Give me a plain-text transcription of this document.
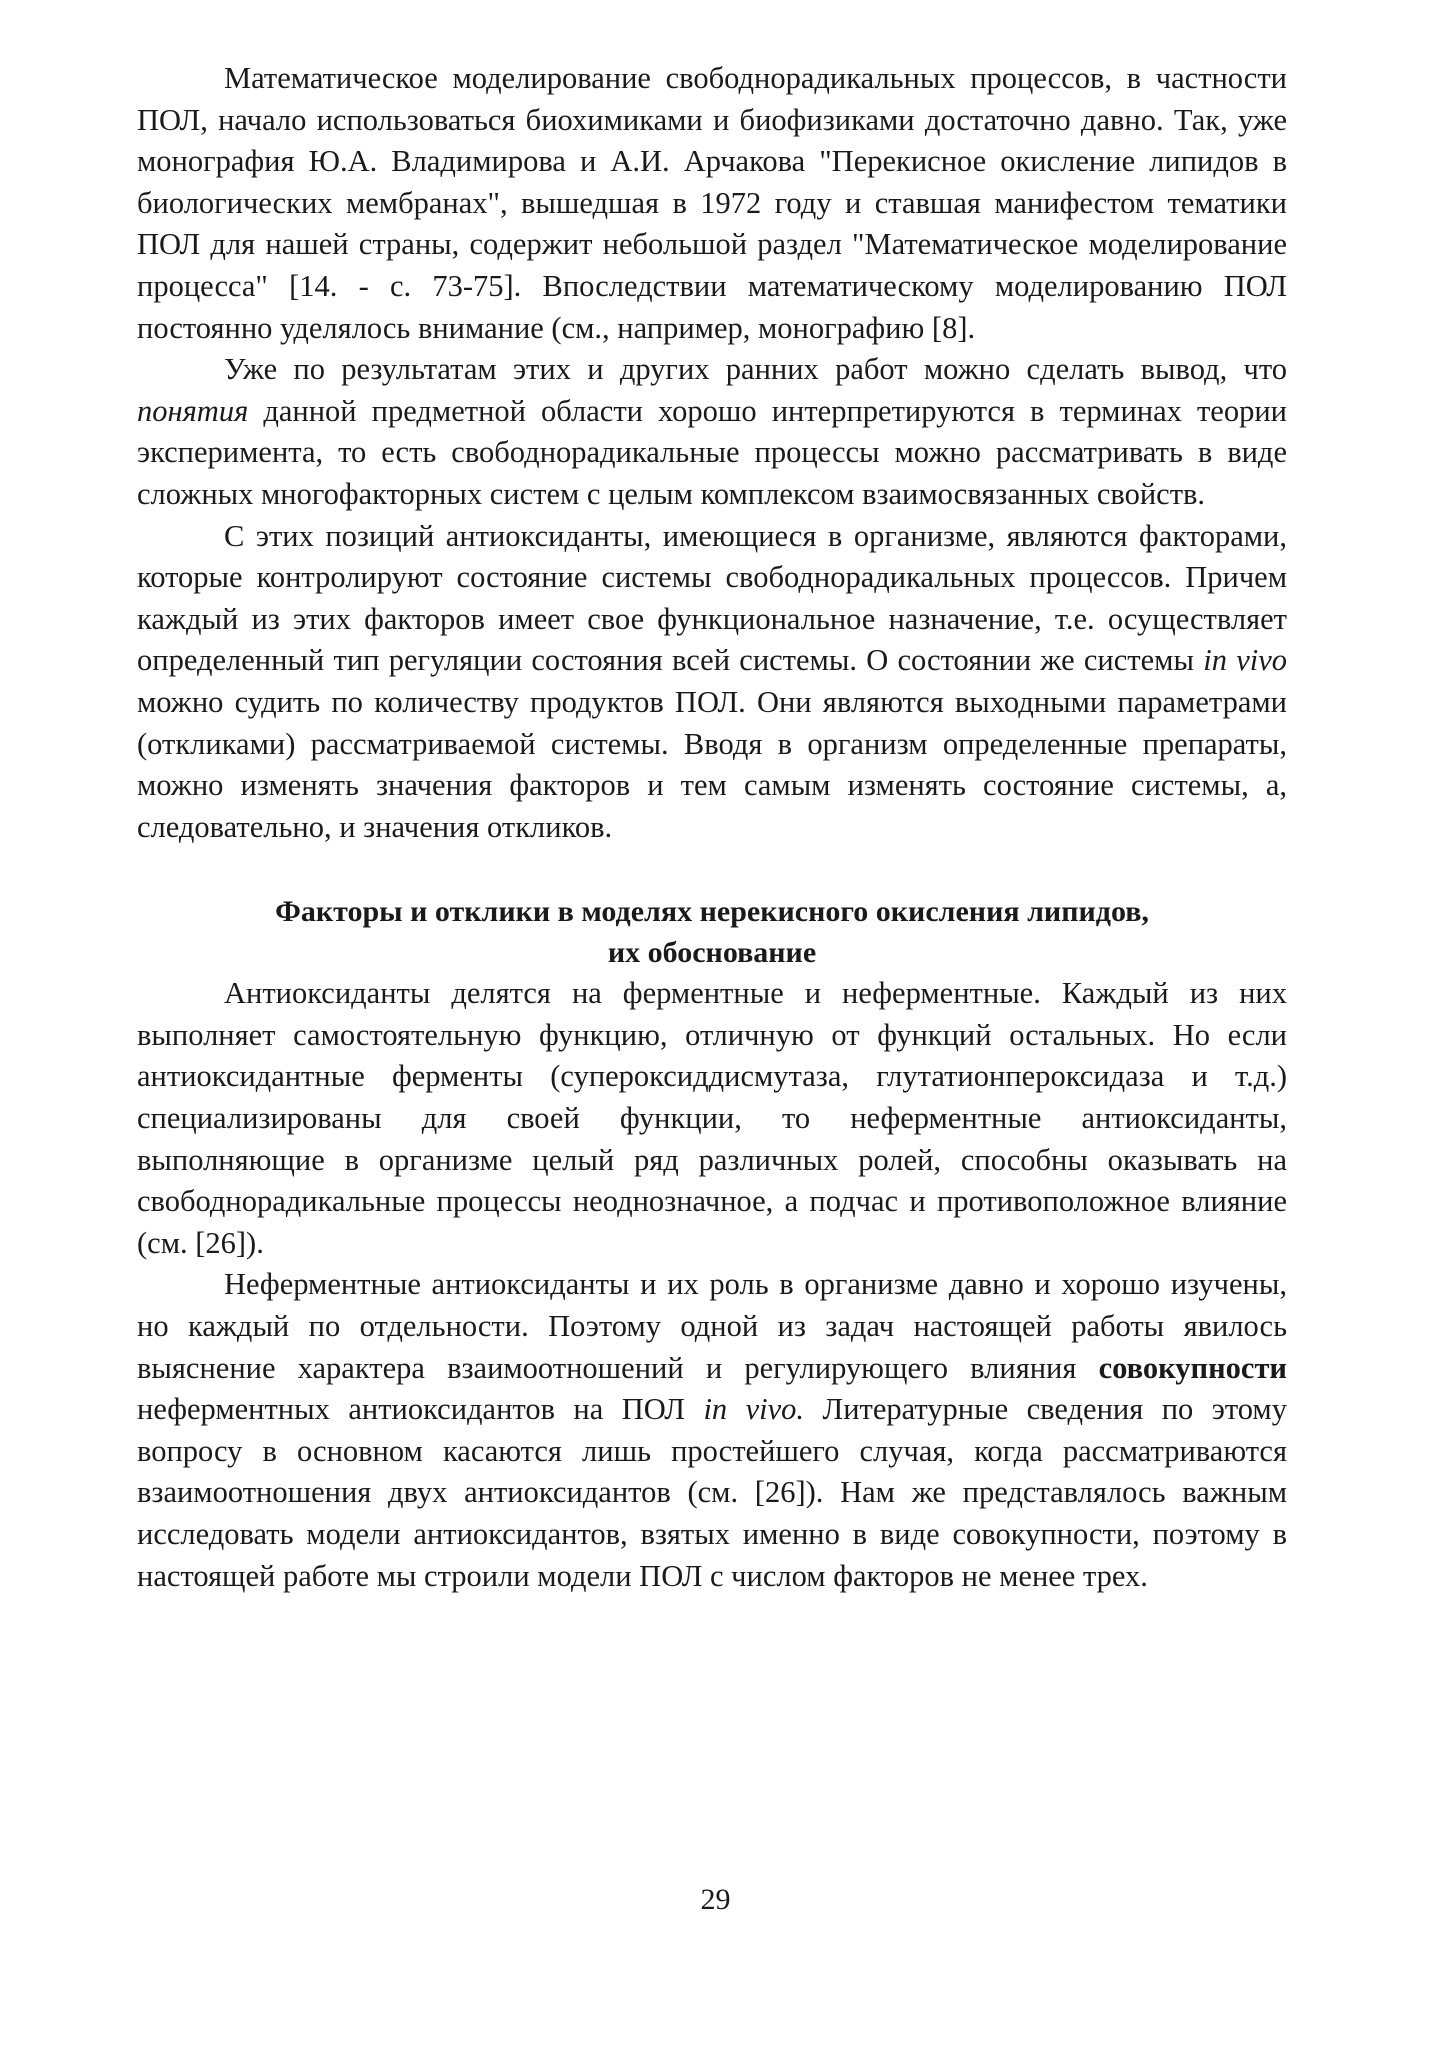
Математическое моделирование свободнорадикальных процессов, в частности ПОЛ, начало использоваться биохимиками и биофизиками достаточно давно. Так, уже монография Ю.А. Владимирова и А.И. Арчакова "Перекисное окисление липидов в биологических мембранах", вышедшая в 1972 году и ставшая манифестом тематики ПОЛ для нашей страны, содержит небольшой раздел "Математическое моделирование процесса" [14. - с. 73-75]. Впоследствии математическому моделированию ПОЛ постоянно уделялось внимание (см., например, монографию [8].

Уже по результатам этих и других ранних работ можно сделать вывод, что понятия данной предметной области хорошо интерпретируются в терминах теории эксперимента, то есть свободнорадикальные процессы можно рассматривать в виде сложных многофакторных систем с целым комплексом взаимосвязанных свойств.

С этих позиций антиоксиданты, имеющиеся в организме, являются факторами, которые контролируют состояние системы свободнорадикальных процессов. Причем каждый из этих факторов имеет свое функциональное назначение, т.е. осуществляет определенный тип регуляции состояния всей системы. О состоянии же системы in vivo можно судить по количеству продуктов ПОЛ. Они являются выходными параметрами (откликами) рассматриваемой системы. Вводя в организм определенные препараты, можно изменять значения факторов и тем самым изменять состояние системы, а, следовательно, и значения откликов.

Факторы и отклики в моделях нерекисного окисления липидов,
их обоснование

Антиоксиданты делятся на ферментные и неферментные. Каждый из них выполняет самостоятельную функцию, отличную от функций остальных. Но если антиоксидантные ферменты (супероксиддисмутаза, глутатионпероксидаза и т.д.) специализированы для своей функции, то неферментные антиоксиданты, выполняющие в организме целый ряд различных ролей, способны оказывать на свободнорадикальные процессы неоднозначное, а подчас и противоположное влияние (см. [26]).

Неферментные антиоксиданты и их роль в организме давно и хорошо изучены, но каждый по отдельности. Поэтому одной из задач настоящей работы явилось выяснение характера взаимоотношений и регулирующего влияния совокупности неферментных антиоксидантов на ПОЛ in vivo. Литературные сведения по этому вопросу в основном касаются лишь простейшего случая, когда рассматриваются взаимоотношения двух антиоксидантов (см. [26]). Нам же представлялось важным исследовать модели антиоксидантов, взятых именно в виде совокупности, поэтому в настоящей работе мы строили модели ПОЛ с числом факторов не менее трех.

29
